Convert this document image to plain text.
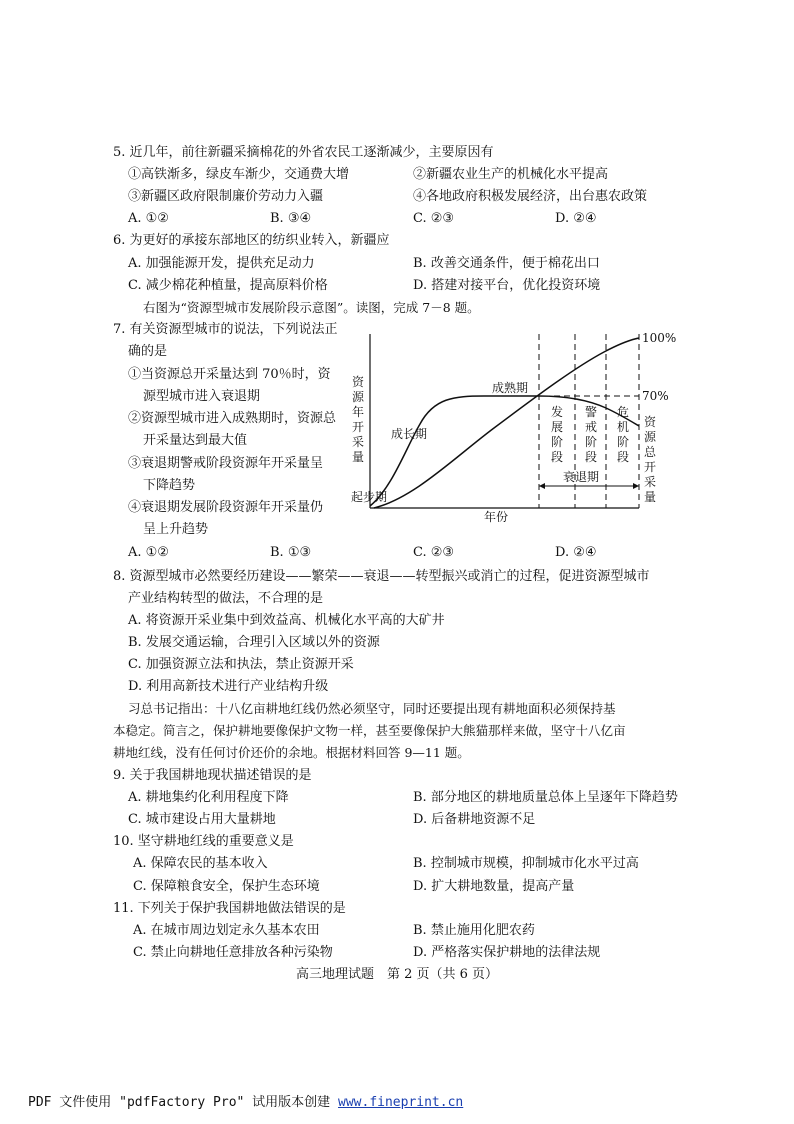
5. 近几年，前往新疆采摘棉花的外省农民工逐渐减少，主要原因有
①高铁渐多，绿皮车渐少，交通费大增	②新疆农业生产的机械化水平提高
③新疆区政府限制廉价劳动力入疆	④各地政府积极发展经济，出台惠农政策
A. ①②	B. ③④	C. ②③	D. ②④
6. 为更好的承接东部地区的纺织业转入，新疆应
A. 加强能源开发，提供充足动力	B. 改善交通条件，便于棉花出口
C. 减少棉花种植量，提高原料价格	D. 搭建对接平台，优化投资环境
右图为“资源型城市发展阶段示意图”。读图，完成 7－8 题。
7. 有关资源型城市的说法，下列说法正
确的是
①当资源总开采量达到 70％时，资
源型城市进入衰退期
②资源型城市进入成熟期时，资源总
开采量达到最大值
③衰退期警戒阶段资源年开采量呈
下降趋势
④衰退期发展阶段资源年开采量仍
呈上升趋势
A. ①②	B. ①③	C. ②③	D. ②④
100%
70%
成熟期
成长期
起步期
衰退期
年份
资源年开采量
资源总开采量
发展阶段
警戒阶段
危机阶段
8. 资源型城市必然要经历建设——繁荣——衰退——转型振兴或消亡的过程，促进资源型城市
产业结构转型的做法，不合理的是
A. 将资源开采业集中到效益高、机械化水平高的大矿井
B. 发展交通运输，合理引入区域以外的资源
C. 加强资源立法和执法，禁止资源开采
D. 利用高新技术进行产业结构升级
习总书记指出：十八亿亩耕地红线仍然必须坚守，同时还要提出现有耕地面积必须保持基
本稳定。简言之，保护耕地要像保护文物一样，甚至要像保护大熊猫那样来做，坚守十八亿亩
耕地红线，没有任何讨价还价的余地。根据材料回答 9—11 题。
9. 关于我国耕地现状描述错误的是
A. 耕地集约化利用程度下降	B. 部分地区的耕地质量总体上呈逐年下降趋势
C. 城市建设占用大量耕地	D. 后备耕地资源不足
10. 坚守耕地红线的重要意义是
A. 保障农民的基本收入	B. 控制城市规模，抑制城市化水平过高
C. 保障粮食安全，保护生态环境	D. 扩大耕地数量，提高产量
11. 下列关于保护我国耕地做法错误的是
A. 在城市周边划定永久基本农田	B. 禁止施用化肥农药
C. 禁止向耕地任意排放各种污染物	D. 严格落实保护耕地的法律法规
高三地理试题　第 2 页（共 6 页）
PDF 文件使用 "pdfFactory Pro" 试用版本创建 www.fineprint.cn
